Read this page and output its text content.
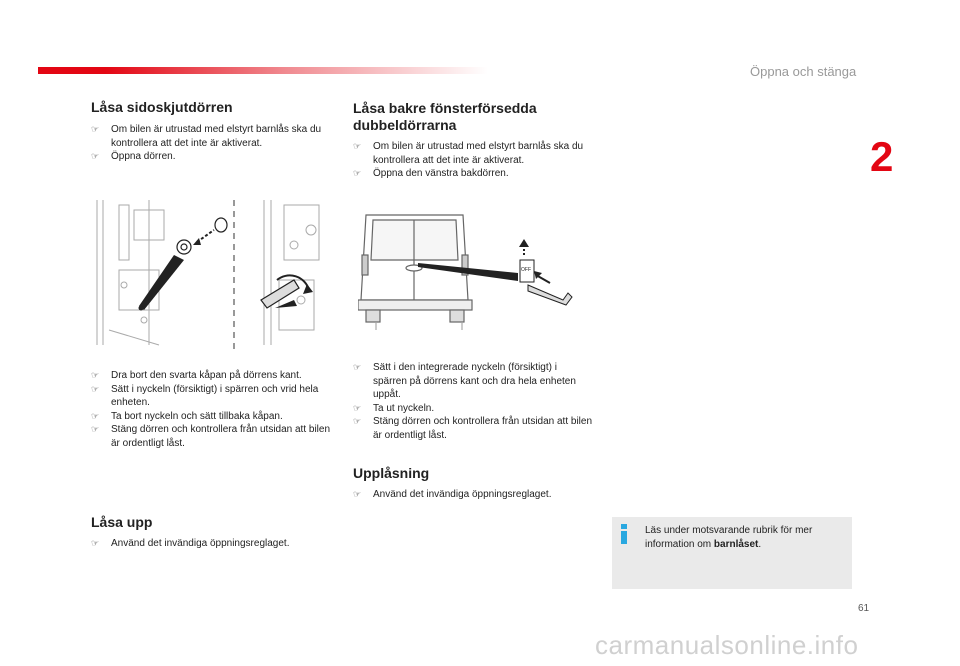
Öppna och stänga
2
Låsa sidoskjutdörren
☞ Om bilen är utrustad med elstyrt barnlås ska du kontrollera att det inte är aktiverat.
☞ Öppna dörren.
☞ Dra bort den svarta kåpan på dörrens kant.
☞ Sätt i nyckeln (försiktigt) i spärren och vrid hela enheten.
☞ Ta bort nyckeln och sätt tillbaka kåpan.
☞ Stäng dörren och kontrollera från utsidan att bilen är ordentligt låst.
Låsa upp
☞ Använd det invändiga öppningsreglaget.
Låsa bakre fönsterförsedda dubbeldörrarna
☞ Om bilen är utrustad med elstyrt barnlås ska du kontrollera att det inte är aktiverat.
☞ Öppna den vänstra bakdörren.
OFF
☞ Sätt i den integrerade nyckeln (försiktigt) i spärren på dörrens kant och dra hela enheten uppåt.
☞ Ta ut nyckeln.
☞ Stäng dörren och kontrollera från utsidan att bilen är ordentligt låst.
Upplåsning
☞ Använd det invändiga öppningsreglaget.
Läs under motsvarande rubrik för mer information om barnlåset.
61
carmanualsonline.info
